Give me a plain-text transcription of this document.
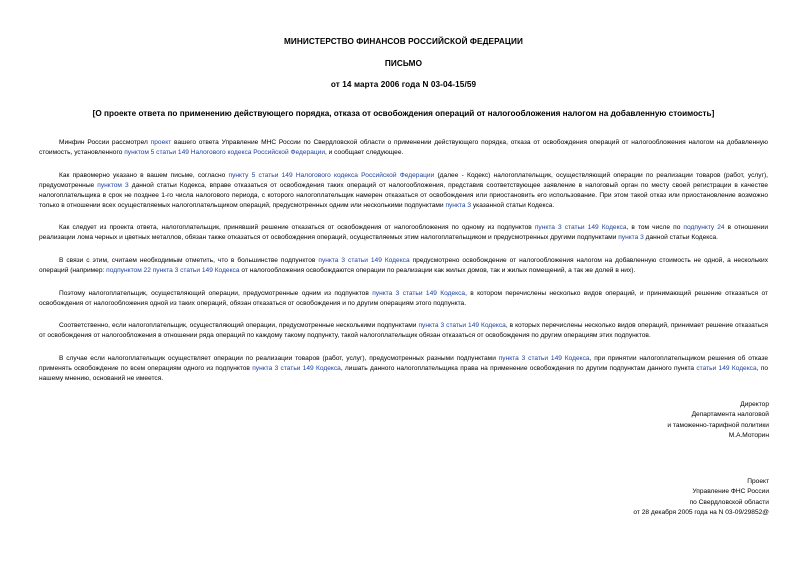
МИНИСТЕРСТВО ФИНАНСОВ РОССИЙСКОЙ ФЕДЕРАЦИИ
ПИСЬМО
от 14 марта 2006 года N 03-04-15/59
[О проекте ответа по применению действующего порядка, отказа от освобождения операций от налогообложения налогом на добавленную стоимость]

Минфин России рассмотрел проект вашего ответа Управление МНС России по Свердловской области о применении действующего порядка, отказа от освобождения операций от налогообложения налогом на добавленную стоимость, установленного пунктом 5 статьи 149 Налогового кодекса Российской Федерации, и сообщает следующее.

Как правомерно указано в вашем письме, согласно пункту 5 статьи 149 Налогового кодекса Российской Федерации (далее - Кодекс) налогоплательщик, осуществляющий операции по реализации товаров (работ, услуг), предусмотренные пунктом 3 данной статьи Кодекса, вправе отказаться от освобождения таких операций от налогообложения, представив соответствующее заявление в налоговый орган по месту своей регистрации в качестве налогоплательщика в срок не позднее 1-го числа налогового периода, с которого налогоплательщик намерен отказаться от освобождения или приостановить его использование. При этом такой отказ или приостановление возможно только в отношении всех осуществляемых налогоплательщиком операций, предусмотренных одним или несколькими подпунктами пункта 3 указанной статьи Кодекса.

Как следует из проекта ответа, налогоплательщик, принявший решение отказаться от освобождения от налогообложения по одному из подпунктов пункта 3 статьи 149 Кодекса, в том числе по подпункту 24 в отношении реализации лома черных и цветных металлов, обязан также отказаться от освобождения операций, осуществляемых этим налогоплательщиком и предусмотренных другими подпунктами пункта 3 данной статьи Кодекса.

В связи с этим, считаем необходимым отметить, что в большинстве подпунктов пункта 3 статьи 149 Кодекса предусмотрено освобождение от налогообложения налогом на добавленную стоимость не одной, а нескольких операций (например: подпунктом 22 пункта 3 статьи 149 Кодекса от налогообложения освобождаются операции по реализации как жилых домов, так и жилых помещений, а так же долей в них).

Поэтому налогоплательщик, осуществляющий операции, предусмотренные одним из подпунктов пункта 3 статьи 149 Кодекса, в котором перечислены несколько видов операций, и принимающий решение отказаться от освобождения от налогообложения одной из таких операций, обязан отказаться от освобождения и по другим операциям этого подпункта.

Соответственно, если налогоплательщик, осуществляющий операции, предусмотренные несколькими подпунктами пункта 3 статьи 149 Кодекса, в которых перечислены несколько видов операций, принимает решение отказаться от освобождения от налогообложения в отношении ряда операций по каждому такому подпункту, такой налогоплательщик обязан отказаться от освобождения по другим операциям этих подпунктов.

В случае если налогоплательщик осуществляет операции по реализации товаров (работ, услуг), предусмотренных разными подпунктами пункта 3 статьи 149 Кодекса, при принятии налогоплательщиком решения об отказе применять освобождение по всем операциям одного из подпунктов пункта 3 статьи 149 Кодекса, лишать данного налогоплательщика права на применение освобождения по другим подпунктам данного пункта статьи 149 Кодекса, по нашему мнению, оснований не имеется.

Директор
Департамента налоговой
и таможенно-тарифной политики
М.А.Моторин
Проект
Управление ФНС России
по Свердловской области
от 28 декабря 2005 года на N 03-09/29852@
